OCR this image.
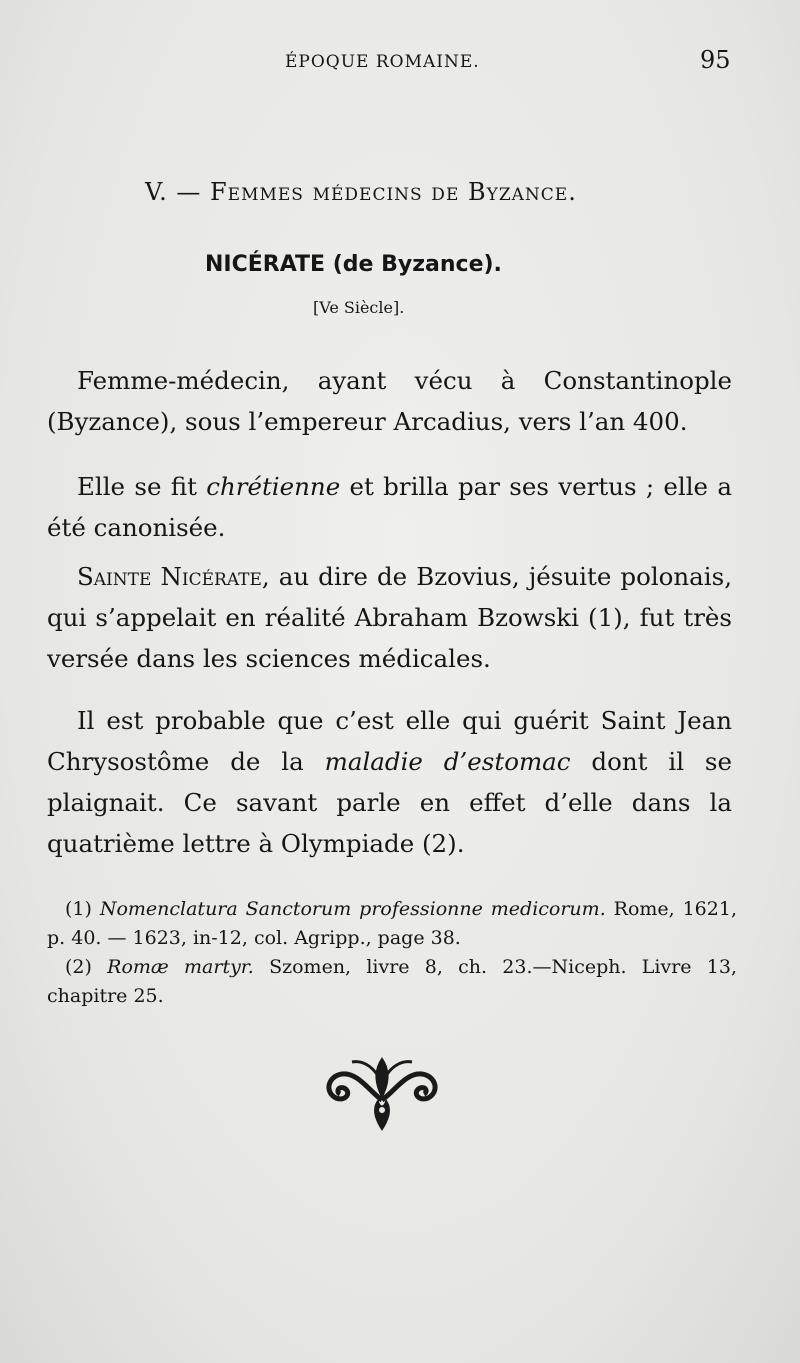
ÉPOQUE ROMAINE.	95
V. — Femmes médecins de Byzance.
NICÉRATE (de Byzance).
[Ve Siècle].

Femme-médecin, ayant vécu à Constantinople (Byzance), sous l’empereur Arcadius, vers l’an 400.

Elle se fit chrétienne et brilla par ses vertus ; elle a été canonisée.

Sainte Nicérate, au dire de Bzovius, jésuite polonais, qui s’appelait en réalité Abraham Bzowski (1), fut très versée dans les sciences médicales.

Il est probable que c’est elle qui guérit Saint Jean Chrysostôme de la maladie d’estomac dont il se plaignait. Ce savant parle en effet d’elle dans la quatrième lettre à Olympiade (2).

(1) Nomenclatura Sanctorum professionne medicorum. Rome, 1621, p. 40. — 1623, in-12, col. Agripp., page 38.

(2) Romæ martyr. Szomen, livre 8, ch. 23.—Niceph. Livre 13, chapitre 25.
